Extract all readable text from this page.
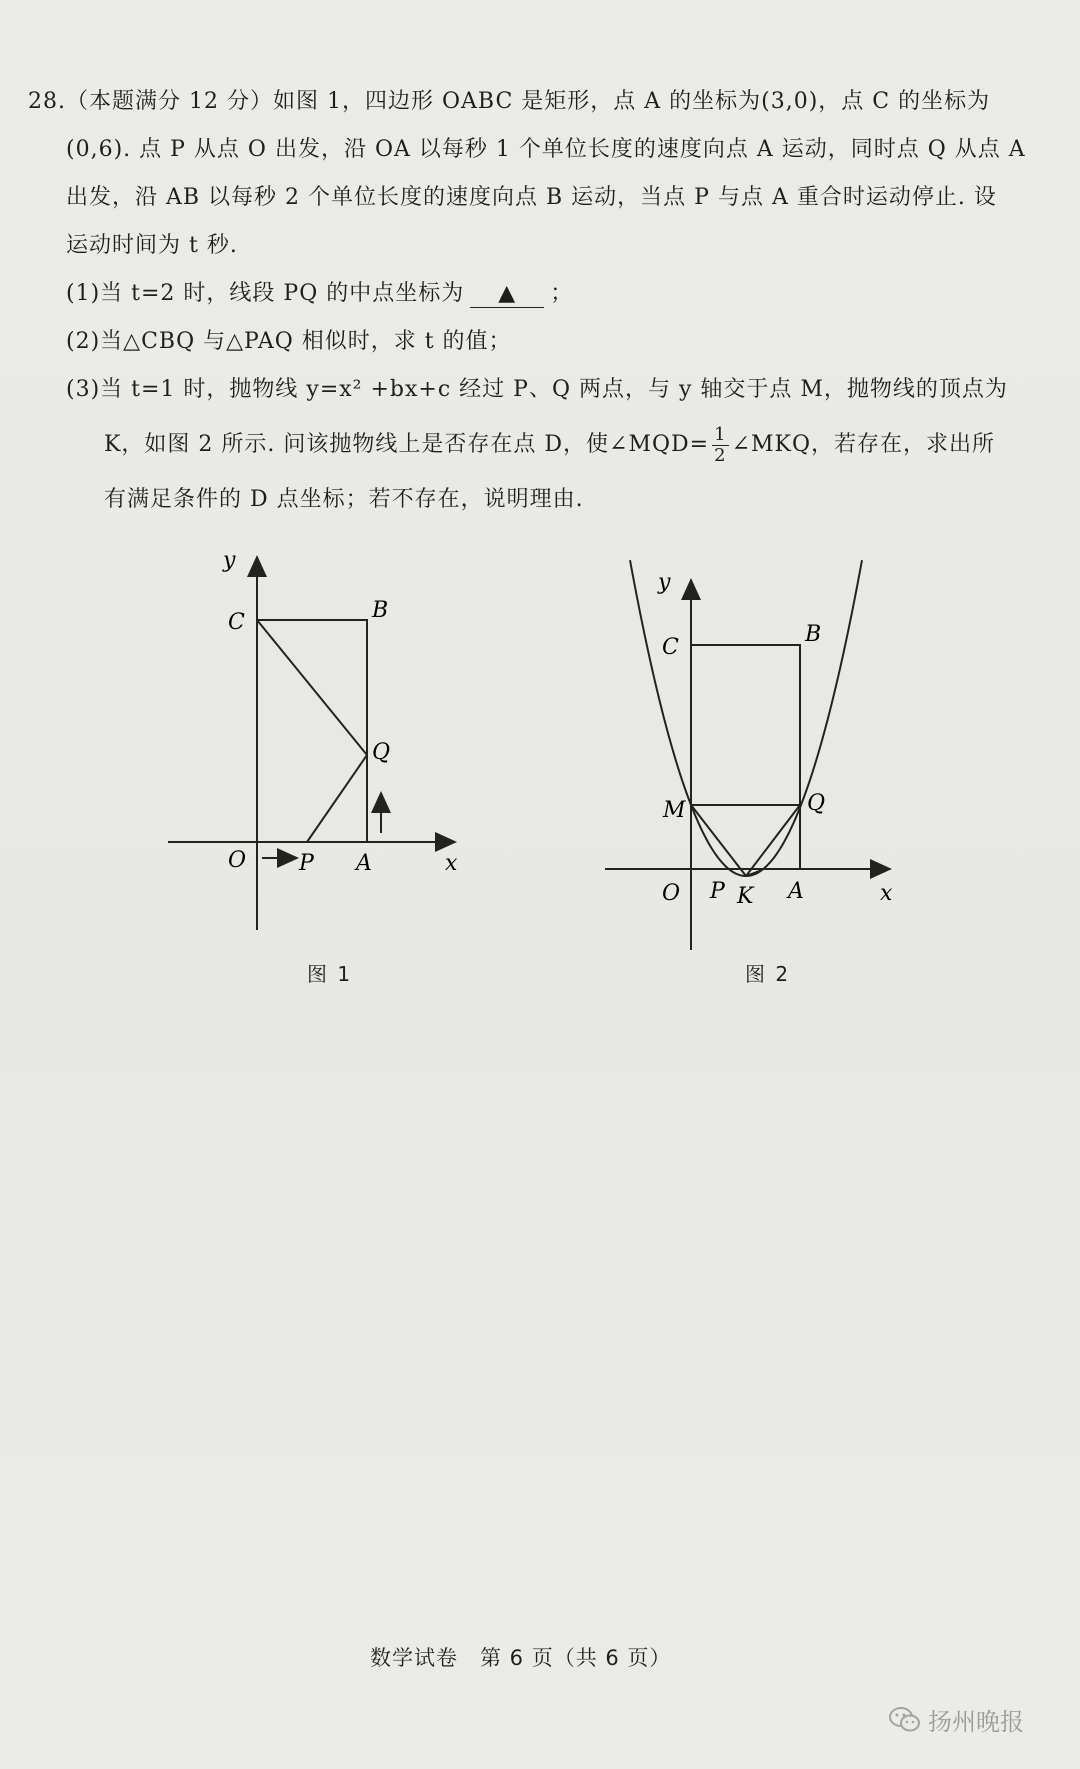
28.（本题满分 12 分）如图 1，四边形 OABC 是矩形，点 A 的坐标为(3,0)，点 C 的坐标为
(0,6). 点 P 从点 O 出发，沿 OA 以每秒 1 个单位长度的速度向点 A 运动，同时点 Q 从点 A
出发，沿 AB 以每秒 2 个单位长度的速度向点 B 运动，当点 P 与点 A 重合时运动停止. 设
运动时间为 t 秒.
(1)当 t=2 时，线段 PQ 的中点坐标为 ▲ ；
(2)当△CBQ 与△PAQ 相似时，求 t 的值；
(3)当 t=1 时，抛物线 y=x² +bx+c 经过 P、Q 两点，与 y 轴交于点 M，抛物线的顶点为
K，如图 2 所示. 问该抛物线上是否存在点 D，使∠MQD= $\frac{1}{2}$ ∠MKQ，若存在，求出所
有满足条件的 D 点坐标；若不存在，说明理由.
y
x
O	A
B
C
P
Q
图 1
y
x
O	A
B
C
P
Q
M
K
图 2
数学试卷　第 6 页（共 6 页）
扬州晚报
